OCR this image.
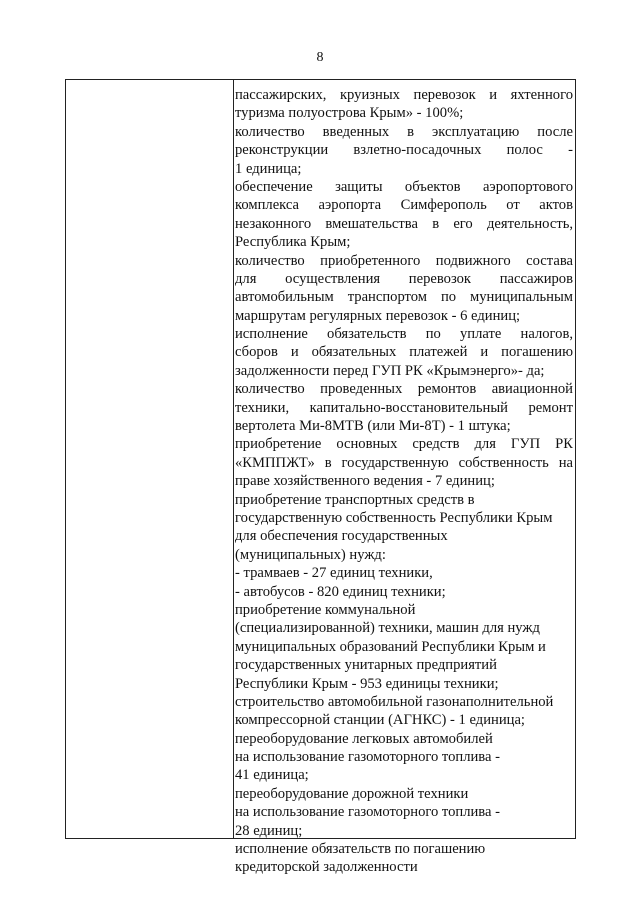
8
пассажирских, круизных перевозок и яхтенного
туризма полуострова Крым» - 100%;
количество введенных в эксплуатацию после
реконструкции взлетно-посадочных полос -
1 единица;
обеспечение защиты объектов аэропортового
комплекса аэропорта Симферополь от актов
незаконного вмешательства в его деятельность,
Республика Крым;
количество приобретенного подвижного состава
для осуществления перевозок пассажиров
автомобильным транспортом по муниципальным
маршрутам регулярных перевозок - 6 единиц;
исполнение обязательств по уплате налогов,
сборов и обязательных платежей и погашению
задолженности перед ГУП РК «Крымэнерго»- да;
количество проведенных ремонтов авиационной
техники, капитально-восстановительный ремонт
вертолета Ми-8МТВ (или Ми-8Т) - 1 штука;
приобретение основных средств для ГУП РК
«КМППЖТ» в государственную собственность на
праве хозяйственного ведения - 7 единиц;
приобретение транспортных средств в
государственную собственность Республики Крым
для обеспечения государственных
(муниципальных) нужд:
- трамваев - 27 единиц техники,
- автобусов - 820 единиц техники;
приобретение коммунальной
(специализированной) техники, машин для нужд
муниципальных образований Республики Крым и
государственных унитарных предприятий
Республики Крым - 953 единицы техники;
строительство автомобильной газонаполнительной
компрессорной станции (АГНКС) - 1 единица;
переоборудование легковых автомобилей
на использование газомоторного топлива -
41 единица;
переоборудование дорожной техники
на использование газомоторного топлива -
28 единиц;
исполнение обязательств по погашению
кредиторской задолженности
